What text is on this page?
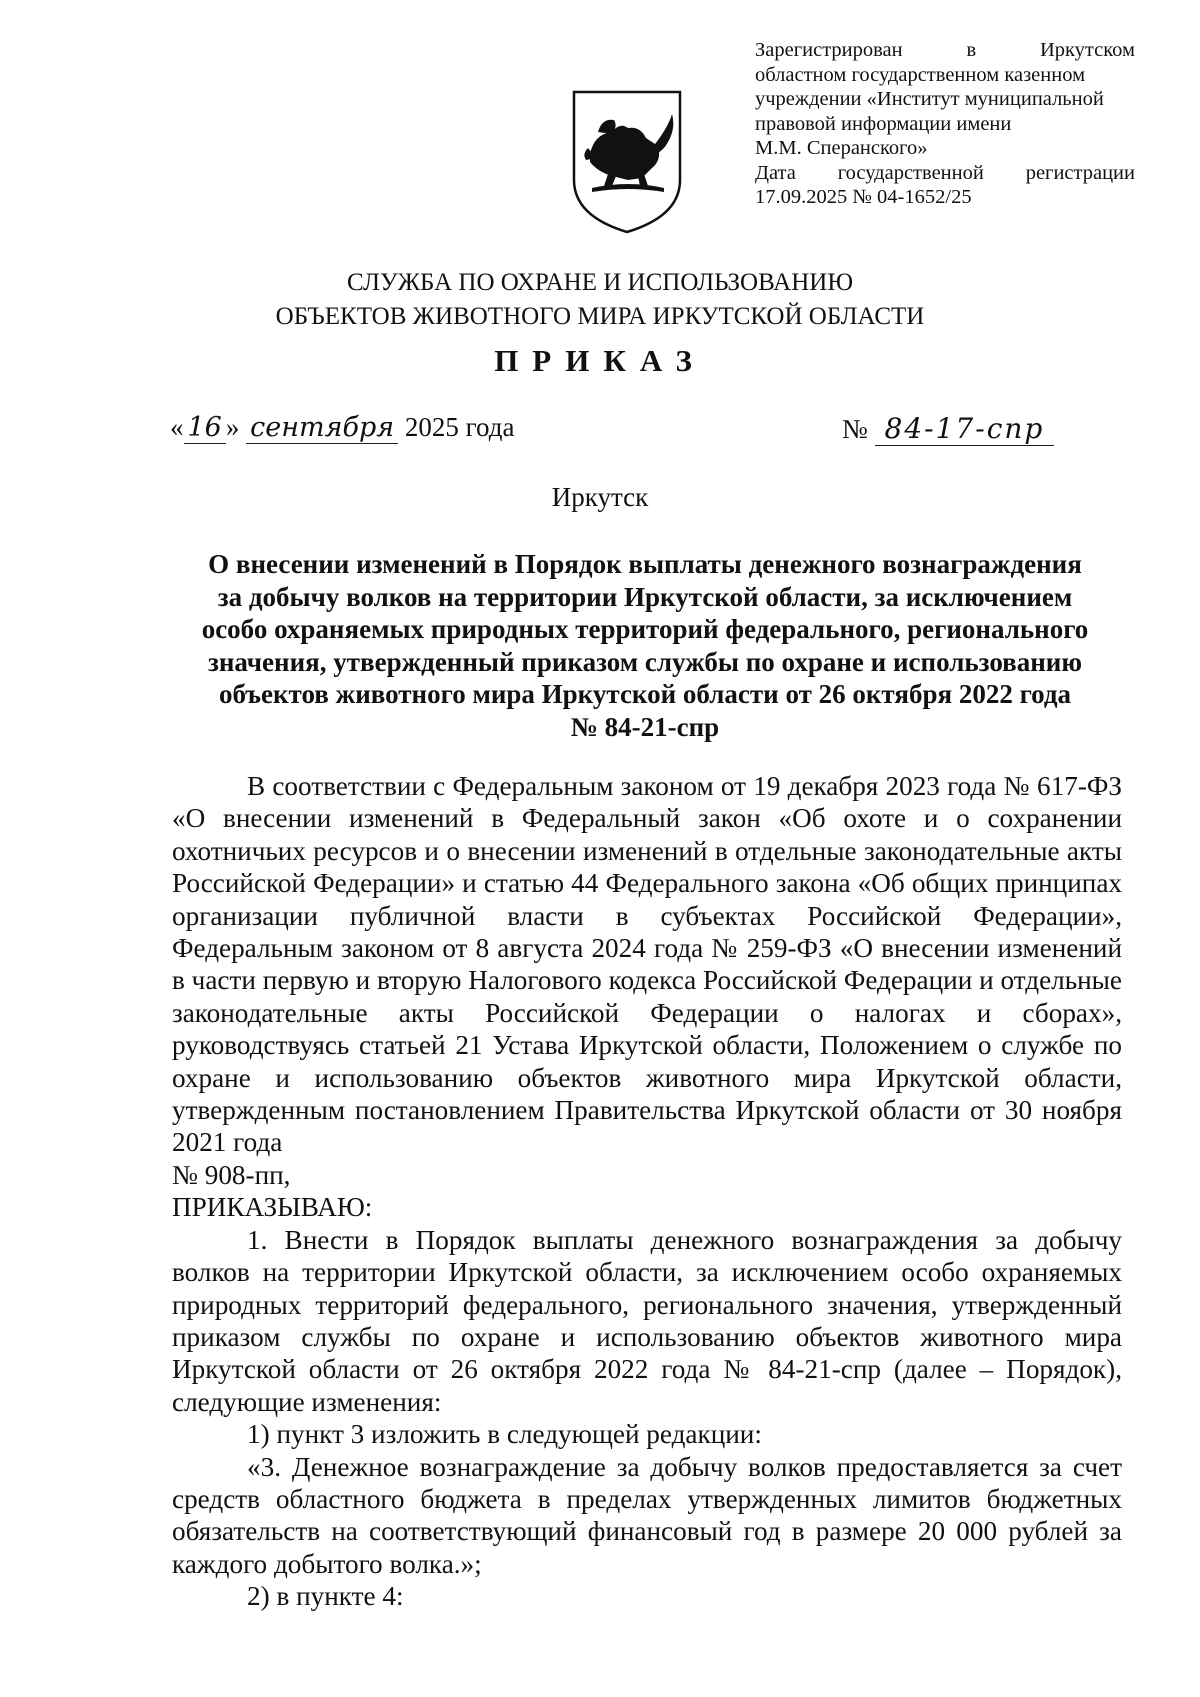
Зарегистрирован в Иркутском
областном государственном казенном
учреждении «Институт муниципальной
правовой информации имени
М.М. Сперанского»
Дата государственной регистрации
17.09.2025 № 04-1652/25
СЛУЖБА ПО ОХРАНЕ И ИСПОЛЬЗОВАНИЮ
ОБЪЕКТОВ ЖИВОТНОГО МИРА ИРКУТСКОЙ ОБЛАСТИ
ПРИКАЗ
« 16 » сентября 2025 года	№ 84-17-спр
Иркутск
О внесении изменений в Порядок выплаты денежного вознаграждения
за добычу волков на территории Иркутской области, за исключением
особо охраняемых природных территорий федерального, регионального
значения, утвержденный приказом службы по охране и использованию
объектов животного мира Иркутской области от 26 октября 2022 года
№ 84-21-спр
В соответствии с Федеральным законом от 19 декабря 2023 года № 617-ФЗ «О внесении изменений в Федеральный закон «Об охоте и о сохранении охотничьих ресурсов и о внесении изменений в отдельные законодательные акты Российской Федерации» и статью 44 Федерального закона «Об общих принципах организации публичной власти в субъектах Российской Федерации», Федеральным законом от 8 августа 2024 года № 259-ФЗ «О внесении изменений в части первую и вторую Налогового кодекса Российской Федерации и отдельные законодательные акты Российской Федерации о налогах и сборах», руководствуясь статьей 21 Устава Иркутской области, Положением о службе по охране и использованию объектов животного мира Иркутской области, утвержденным постановлением Правительства Иркутской области от 30 ноября 2021 года
№ 908-пп,
ПРИКАЗЫВАЮ:
1. Внести в Порядок выплаты денежного вознаграждения за добычу волков на территории Иркутской области, за исключением особо охраняемых природных территорий федерального, регионального значения, утвержденный приказом службы по охране и использованию объектов животного мира Иркутской области от 26 октября 2022 года № 84-21-спр (далее – Порядок), следующие изменения:
1) пункт 3 изложить в следующей редакции:
«3. Денежное вознаграждение за добычу волков предоставляется за счет средств областного бюджета в пределах утвержденных лимитов бюджетных обязательств на соответствующий финансовый год в размере 20 000 рублей за каждого добытого волка.»;
2) в пункте 4:
